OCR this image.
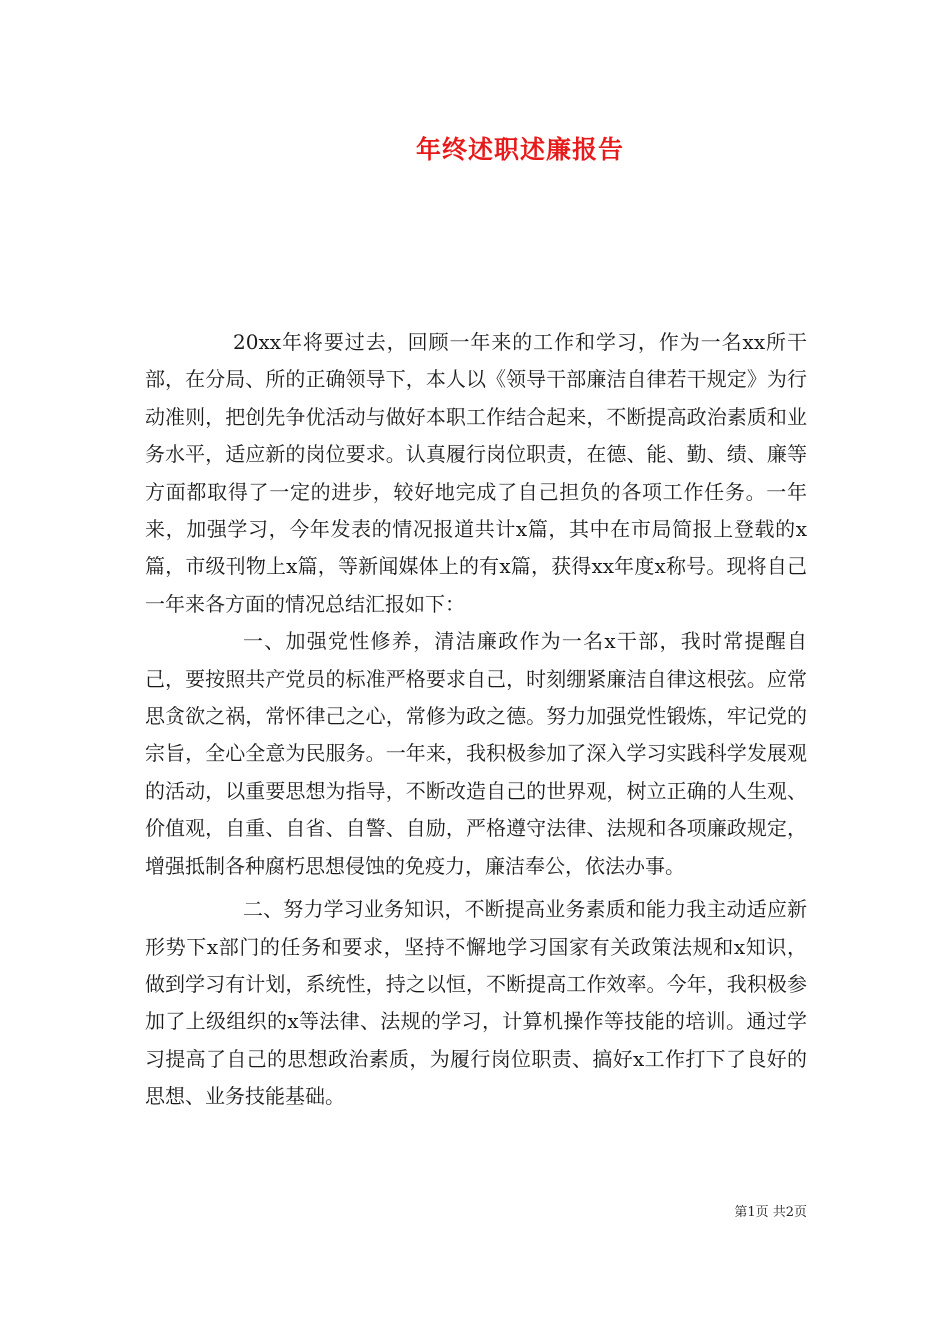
年终述职述廉报告

20xx年将要过去，回顾一年来的工作和学习，作为一名xx所干部，在分局、所的正确领导下，本人以《领导干部廉洁自律若干规定》为行动准则，把创先争优活动与做好本职工作结合起来，不断提高政治素质和业务水平，适应新的岗位要求。认真履行岗位职责，在德、能、勤、绩、廉等方面都取得了一定的进步，较好地完成了自己担负的各项工作任务。一年来，加强学习，今年发表的情况报道共计x篇，其中在市局简报上登载的x篇，市级刊物上x篇，等新闻媒体上的有x篇，获得xx年度x称号。现将自己一年来各方面的情况总结汇报如下：

一、加强党性修养，清洁廉政作为一名x干部，我时常提醒自己，要按照共产党员的标准严格要求自己，时刻绷紧廉洁自律这根弦。应常思贪欲之祸，常怀律己之心，常修为政之德。努力加强党性锻炼，牢记党的宗旨，全心全意为民服务。一年来，我积极参加了深入学习实践科学发展观的活动，以重要思想为指导，不断改造自己的世界观，树立正确的人生观、价值观，自重、自省、自警、自励，严格遵守法律、法规和各项廉政规定，增强抵制各种腐朽思想侵蚀的免疫力，廉洁奉公，依法办事。

二、努力学习业务知识，不断提高业务素质和能力我主动适应新形势下x部门的任务和要求，坚持不懈地学习国家有关政策法规和x知识，做到学习有计划，系统性，持之以恒，不断提高工作效率。今年，我积极参加了上级组织的x等法律、法规的学习，计算机操作等技能的培训。通过学习提高了自己的思想政治素质，为履行岗位职责、搞好x工作打下了良好的思想、业务技能基础。

第1页 共2页
